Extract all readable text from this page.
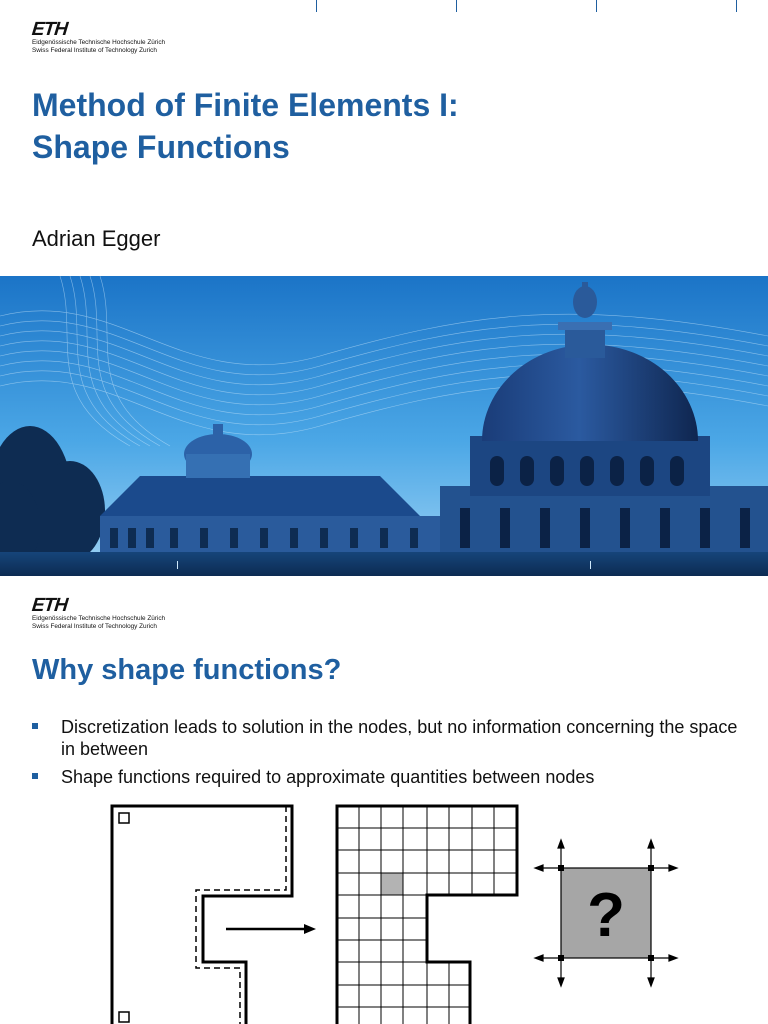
ETH
Eidgenössische Technische Hochschule Zürich
Swiss Federal Institute of Technology Zurich
Method of Finite Elements I:
Shape Functions
Adrian Egger
ETH
Eidgenössische Technische Hochschule Zürich
Swiss Federal Institute of Technology Zurich
Why shape functions?
Discretization leads to solution in the nodes, but no information concerning the space in between
Shape functions required to approximate quantities between nodes
?
